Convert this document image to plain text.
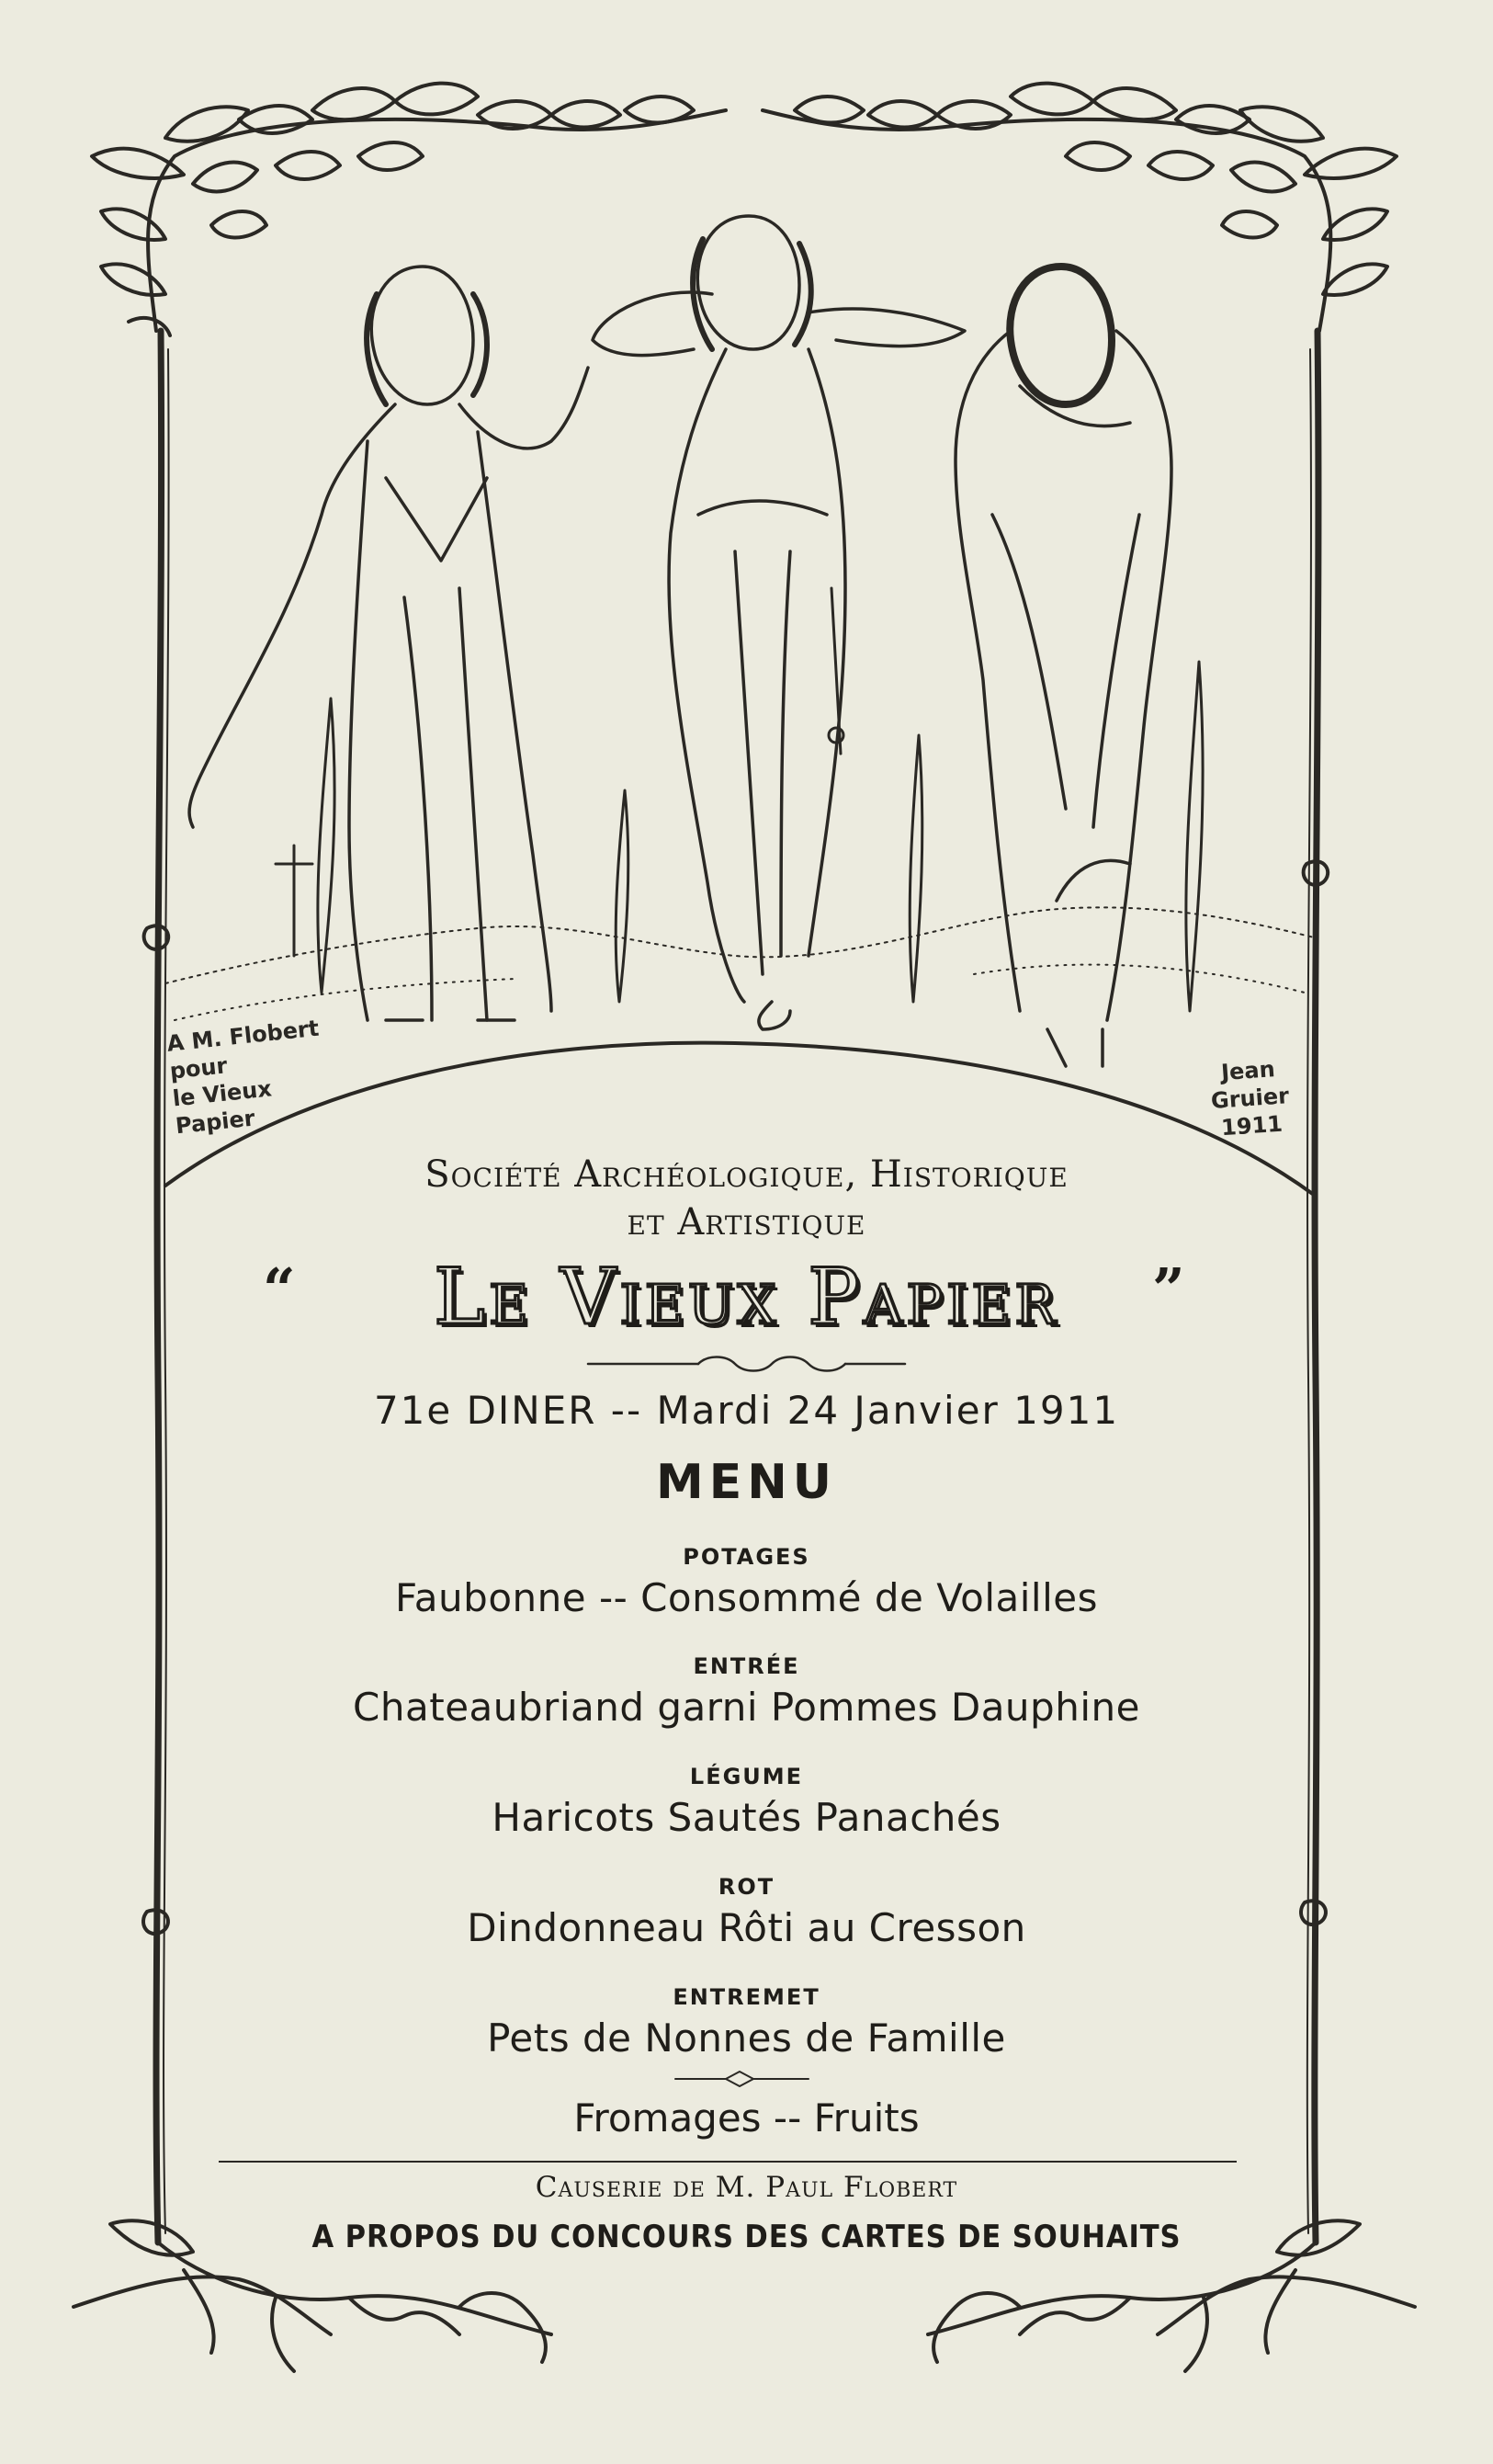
A M. Flobert
pour
le Vieux
Papier
Jean
Gruier
1911
Société Archéologique, Historique
et Artistique
“	Le Vieux Papier	”
71e DINER -- Mardi 24 Janvier 1911
MENU
POTAGES
Faubonne -- Consommé de Volailles
ENTRÉE
Chateaubriand garni Pommes Dauphine
LÉGUME
Haricots Sautés Panachés
ROT
Dindonneau Rôti au Cresson
ENTREMET
Pets de Nonnes de Famille
Fromages -- Fruits
Causerie de M. Paul Flobert
A PROPOS DU CONCOURS DES CARTES DE SOUHAITS
